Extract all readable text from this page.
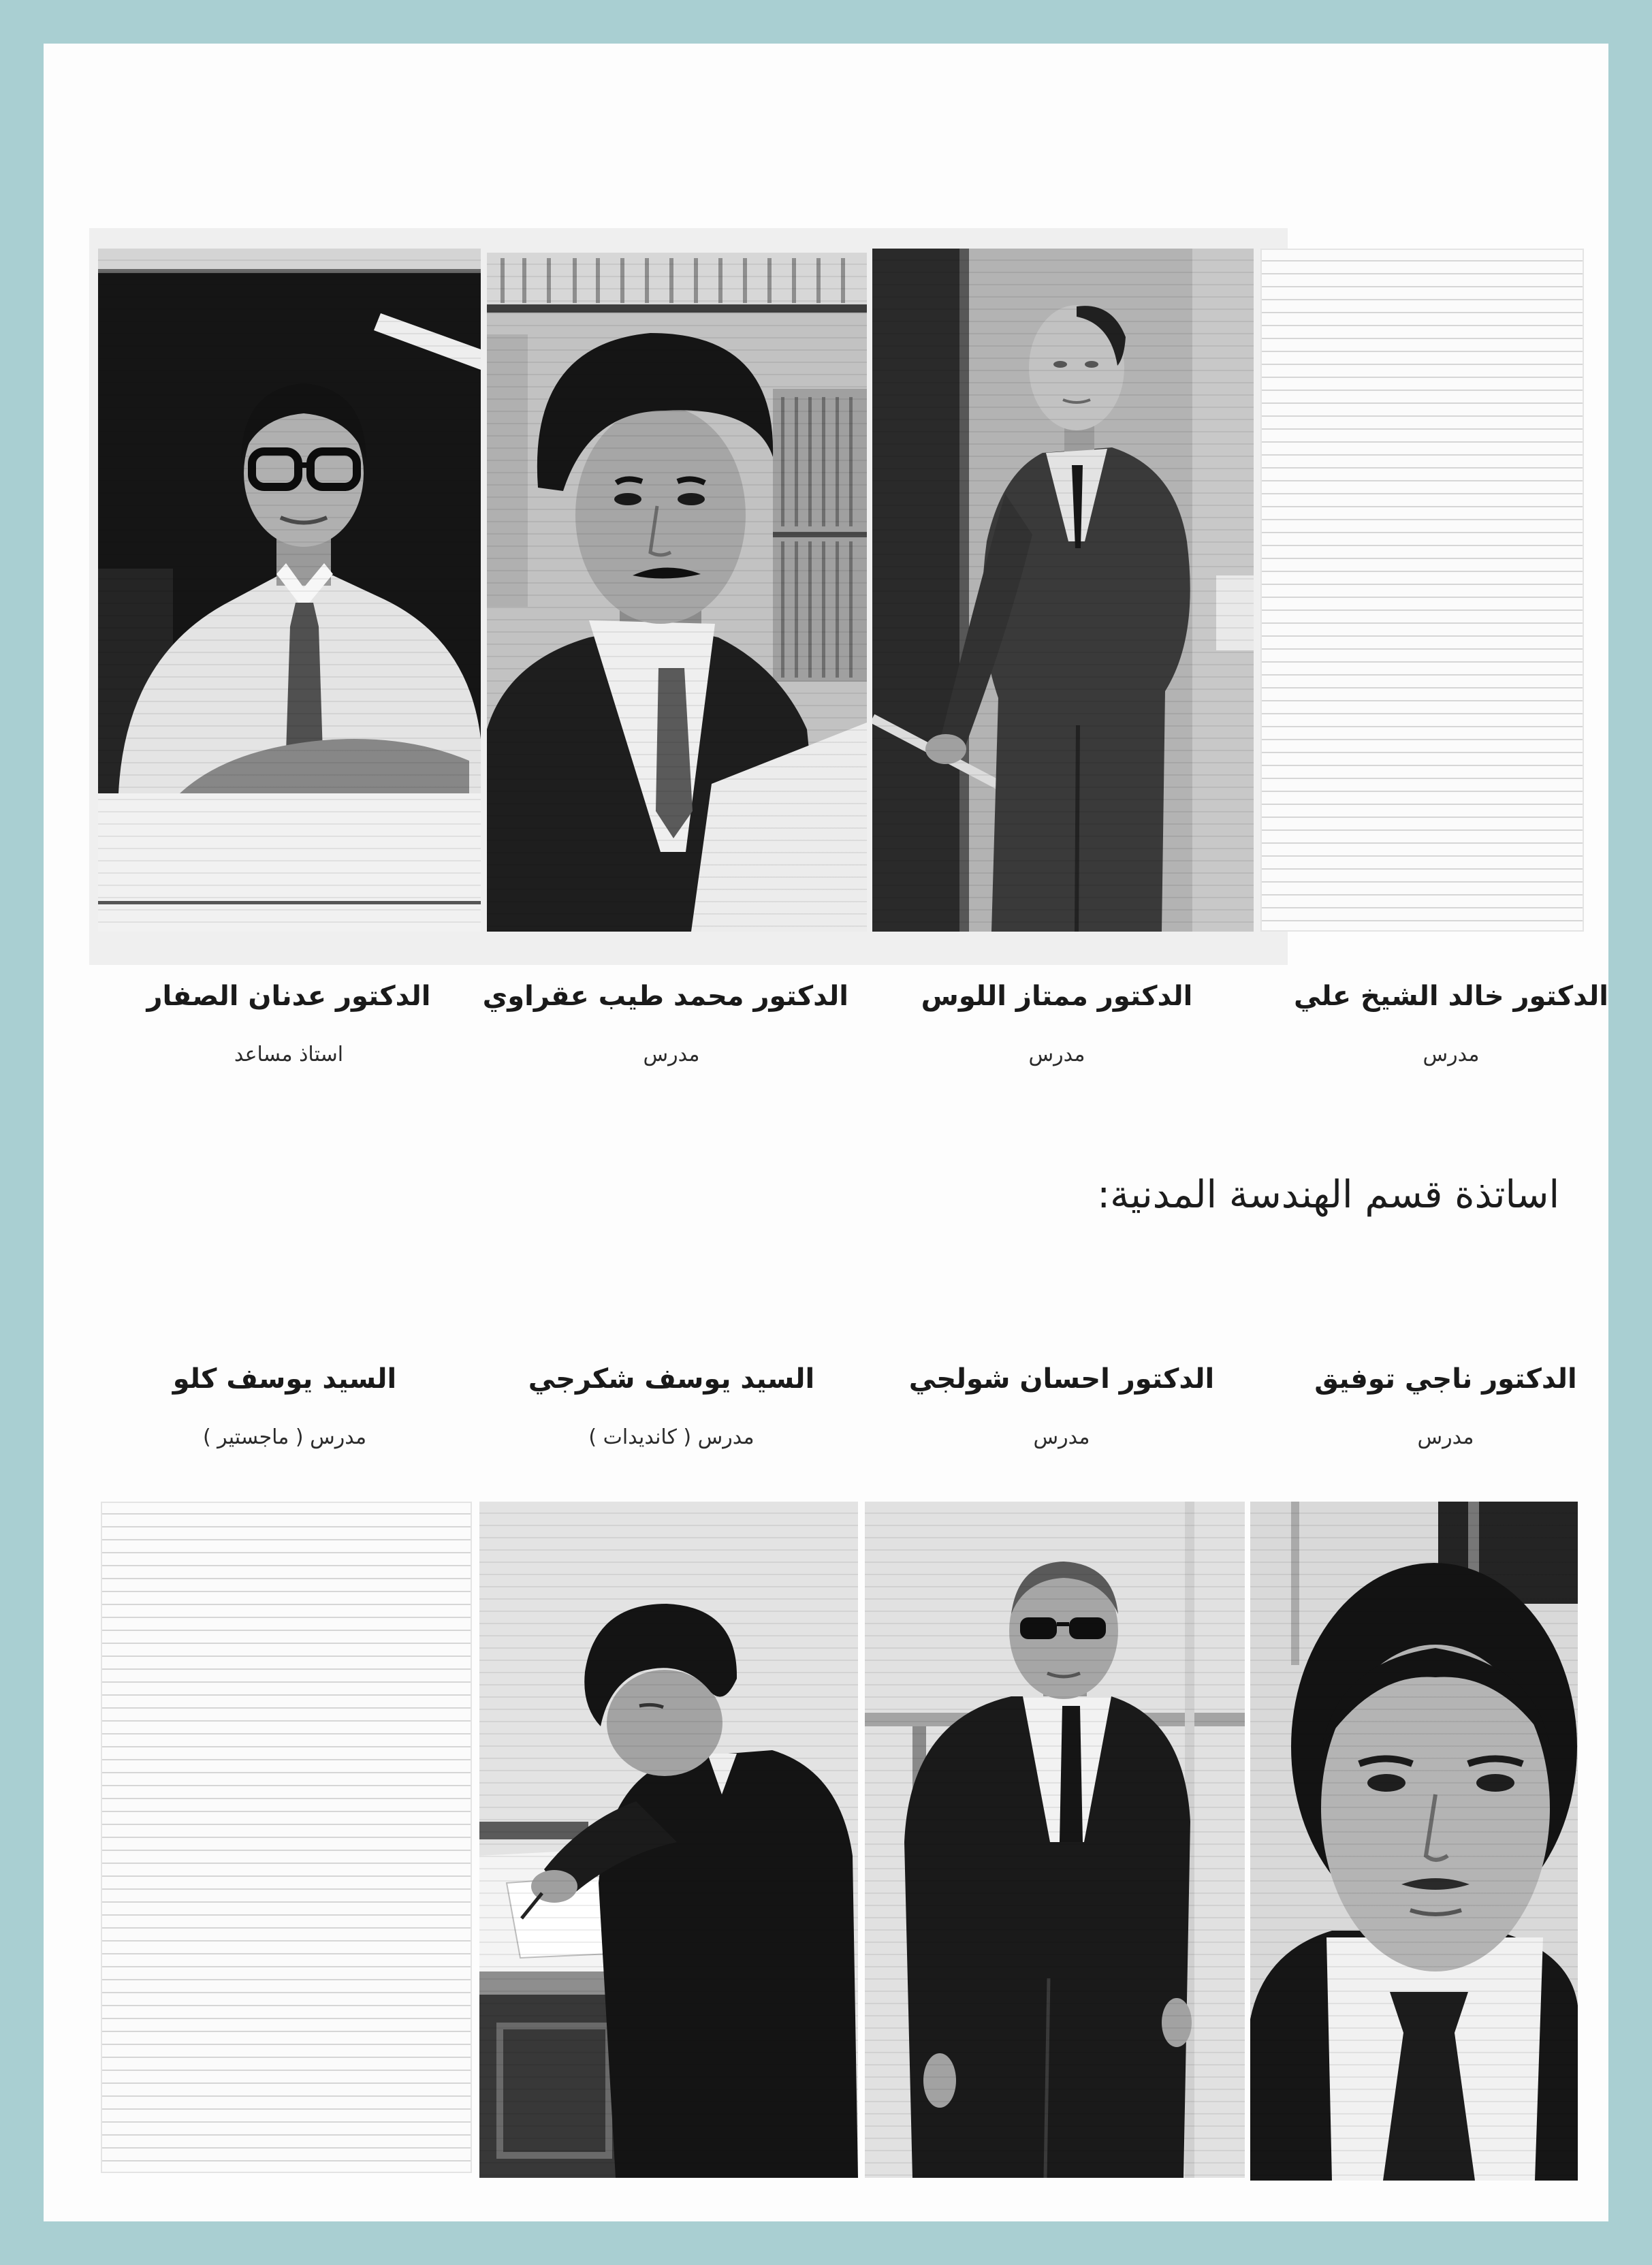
الدكتور عدنان الصفار
استاذ مساعد
الدكتور محمد طيب عقراوي
مدرس
الدكتور ممتاز اللوس
مدرس
الدكتور خالد الشيخ علي
مدرس
اساتذة قسم الهندسة المدنية:
السيد يوسف كلو
مدرس ( ماجستير )
السيد يوسف شكرجي
مدرس ( كانديدات )
الدكتور احسان شولجي
مدرس
الدكتور ناجي توفيق
مدرس
